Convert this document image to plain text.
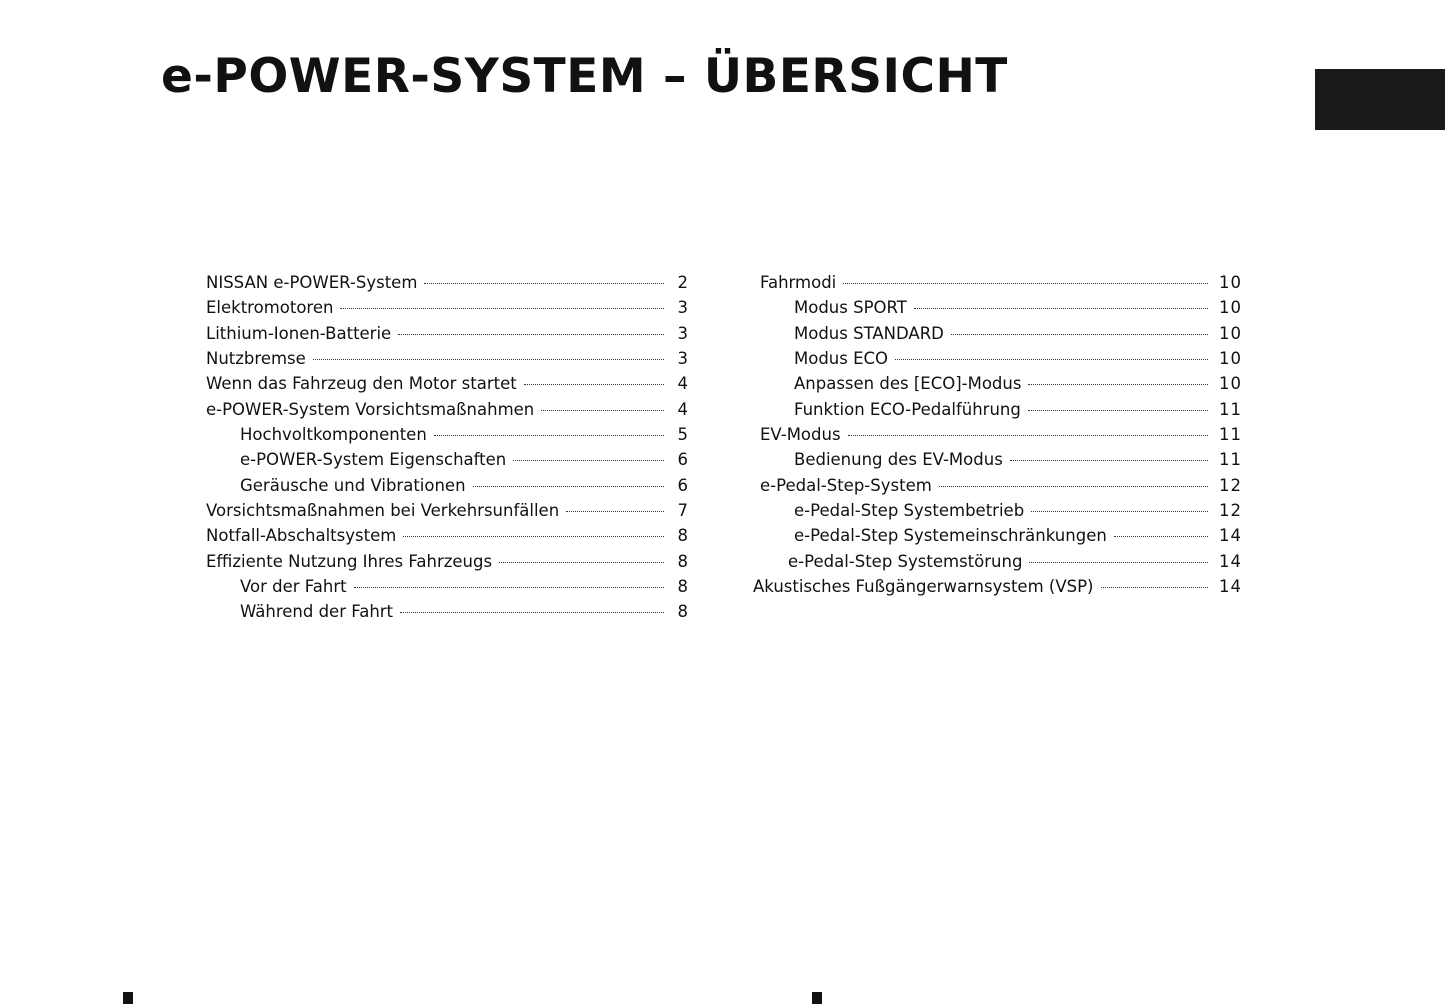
e-POWER-SYSTEM – ÜBERSICHT
NISSAN e-POWER-System	2
Elektromotoren	3
Lithium-Ionen-Batterie	3
Nutzbremse	3
Wenn das Fahrzeug den Motor startet	4
e-POWER-System Vorsichtsmaßnahmen	4
Hochvoltkomponenten	5
e-POWER-System Eigenschaften	6
Geräusche und Vibrationen	6
Vorsichtsmaßnahmen bei Verkehrsunfällen	7
Notfall-Abschaltsystem	8
Effiziente Nutzung Ihres Fahrzeugs	8
Vor der Fahrt	8
Während der Fahrt	8
Fahrmodi	10
Modus SPORT	10
Modus STANDARD	10
Modus ECO	10
Anpassen des [ECO]-Modus	10
Funktion ECO-Pedalführung	11
EV-Modus	11
Bedienung des EV-Modus	11
e-Pedal-Step-System	12
e-Pedal-Step Systembetrieb	12
e-Pedal-Step Systemeinschränkungen	14
e-Pedal-Step Systemstörung	14
Akustisches Fußgängerwarnsystem (VSP)	14
